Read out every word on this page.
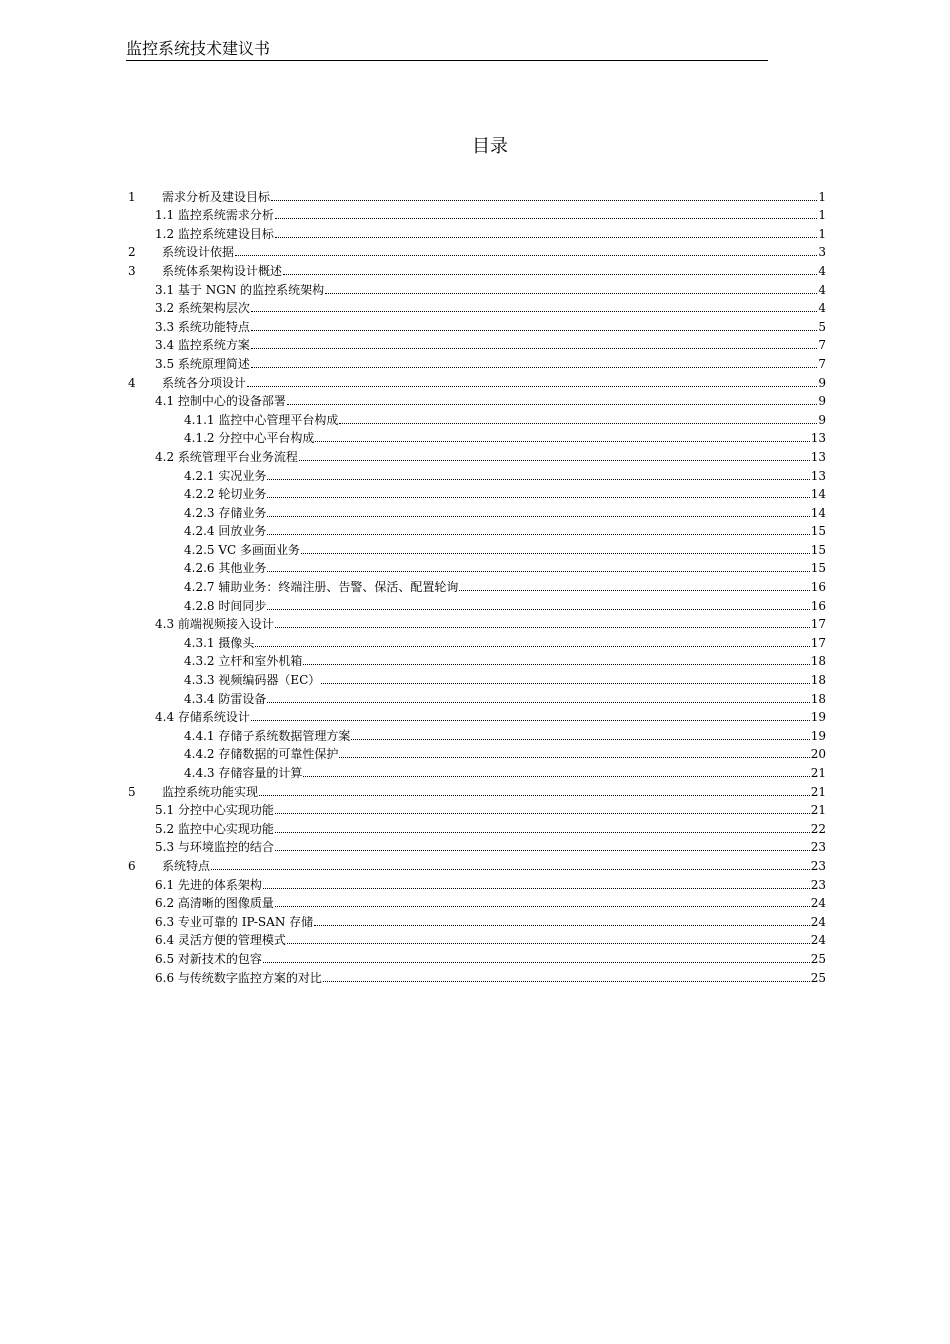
监控系统技术建议书
目录
1	需求分析及建设目标	1
1.1 监控系统需求分析	1
1.2 监控系统建设目标	1
2	系统设计依据	3
3	系统体系架构设计概述	4
3.1 基于 NGN 的监控系统架构	4
3.2 系统架构层次	4
3.3 系统功能特点	5
3.4 监控系统方案	7
3.5 系统原理简述	7
4	系统各分项设计	9
4.1 控制中心的设备部署	9
4.1.1 监控中心管理平台构成	9
4.1.2 分控中心平台构成	13
4.2 系统管理平台业务流程	13
4.2.1 实况业务	13
4.2.2 轮切业务	14
4.2.3 存储业务	14
4.2.4 回放业务	15
4.2.5 VC 多画面业务	15
4.2.6 其他业务	15
4.2.7 辅助业务：终端注册、告警、保活、配置轮询	16
4.2.8 时间同步	16
4.3 前端视频接入设计	17
4.3.1 摄像头	17
4.3.2 立杆和室外机箱	18
4.3.3 视频编码器（EC）	18
4.3.4 防雷设备	18
4.4 存储系统设计	19
4.4.1 存储子系统数据管理方案	19
4.4.2 存储数据的可靠性保护	20
4.4.3 存储容量的计算	21
5	监控系统功能实现	21
5.1 分控中心实现功能	21
5.2 监控中心实现功能	22
5.3 与环境监控的结合	23
6	系统特点	23
6.1 先进的体系架构	23
6.2 高清晰的图像质量	24
6.3 专业可靠的 IP-SAN 存储	24
6.4 灵活方便的管理模式	24
6.5 对新技术的包容	25
6.6 与传统数字监控方案的对比	25
